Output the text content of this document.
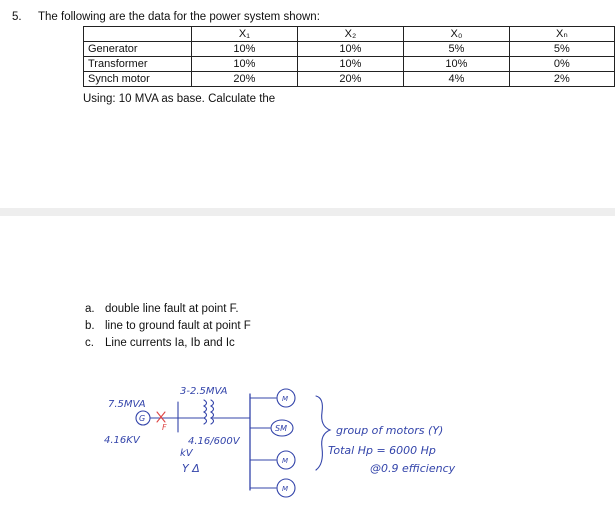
5. The following are the data for the power system shown:
	X₁	X₂	X₀	Xₙ
Generator	10%	10%	5%	5%
Transformer	10%	10%	10%	0%
Synch motor	20%	20%	4%	2%
Using: 10 MVA as base. Calculate the
a. double line fault at point F.
b. line to ground fault at point F
c. Line currents Ia, Ib and Ic
7.5MVA
G
4.16KV
F
3-2.5MVA
4.16/600V
kV
Y Δ
M
SM
M
M
group of motors (Y)
Total Hp = 6000 Hp
@0.9 efficiency
